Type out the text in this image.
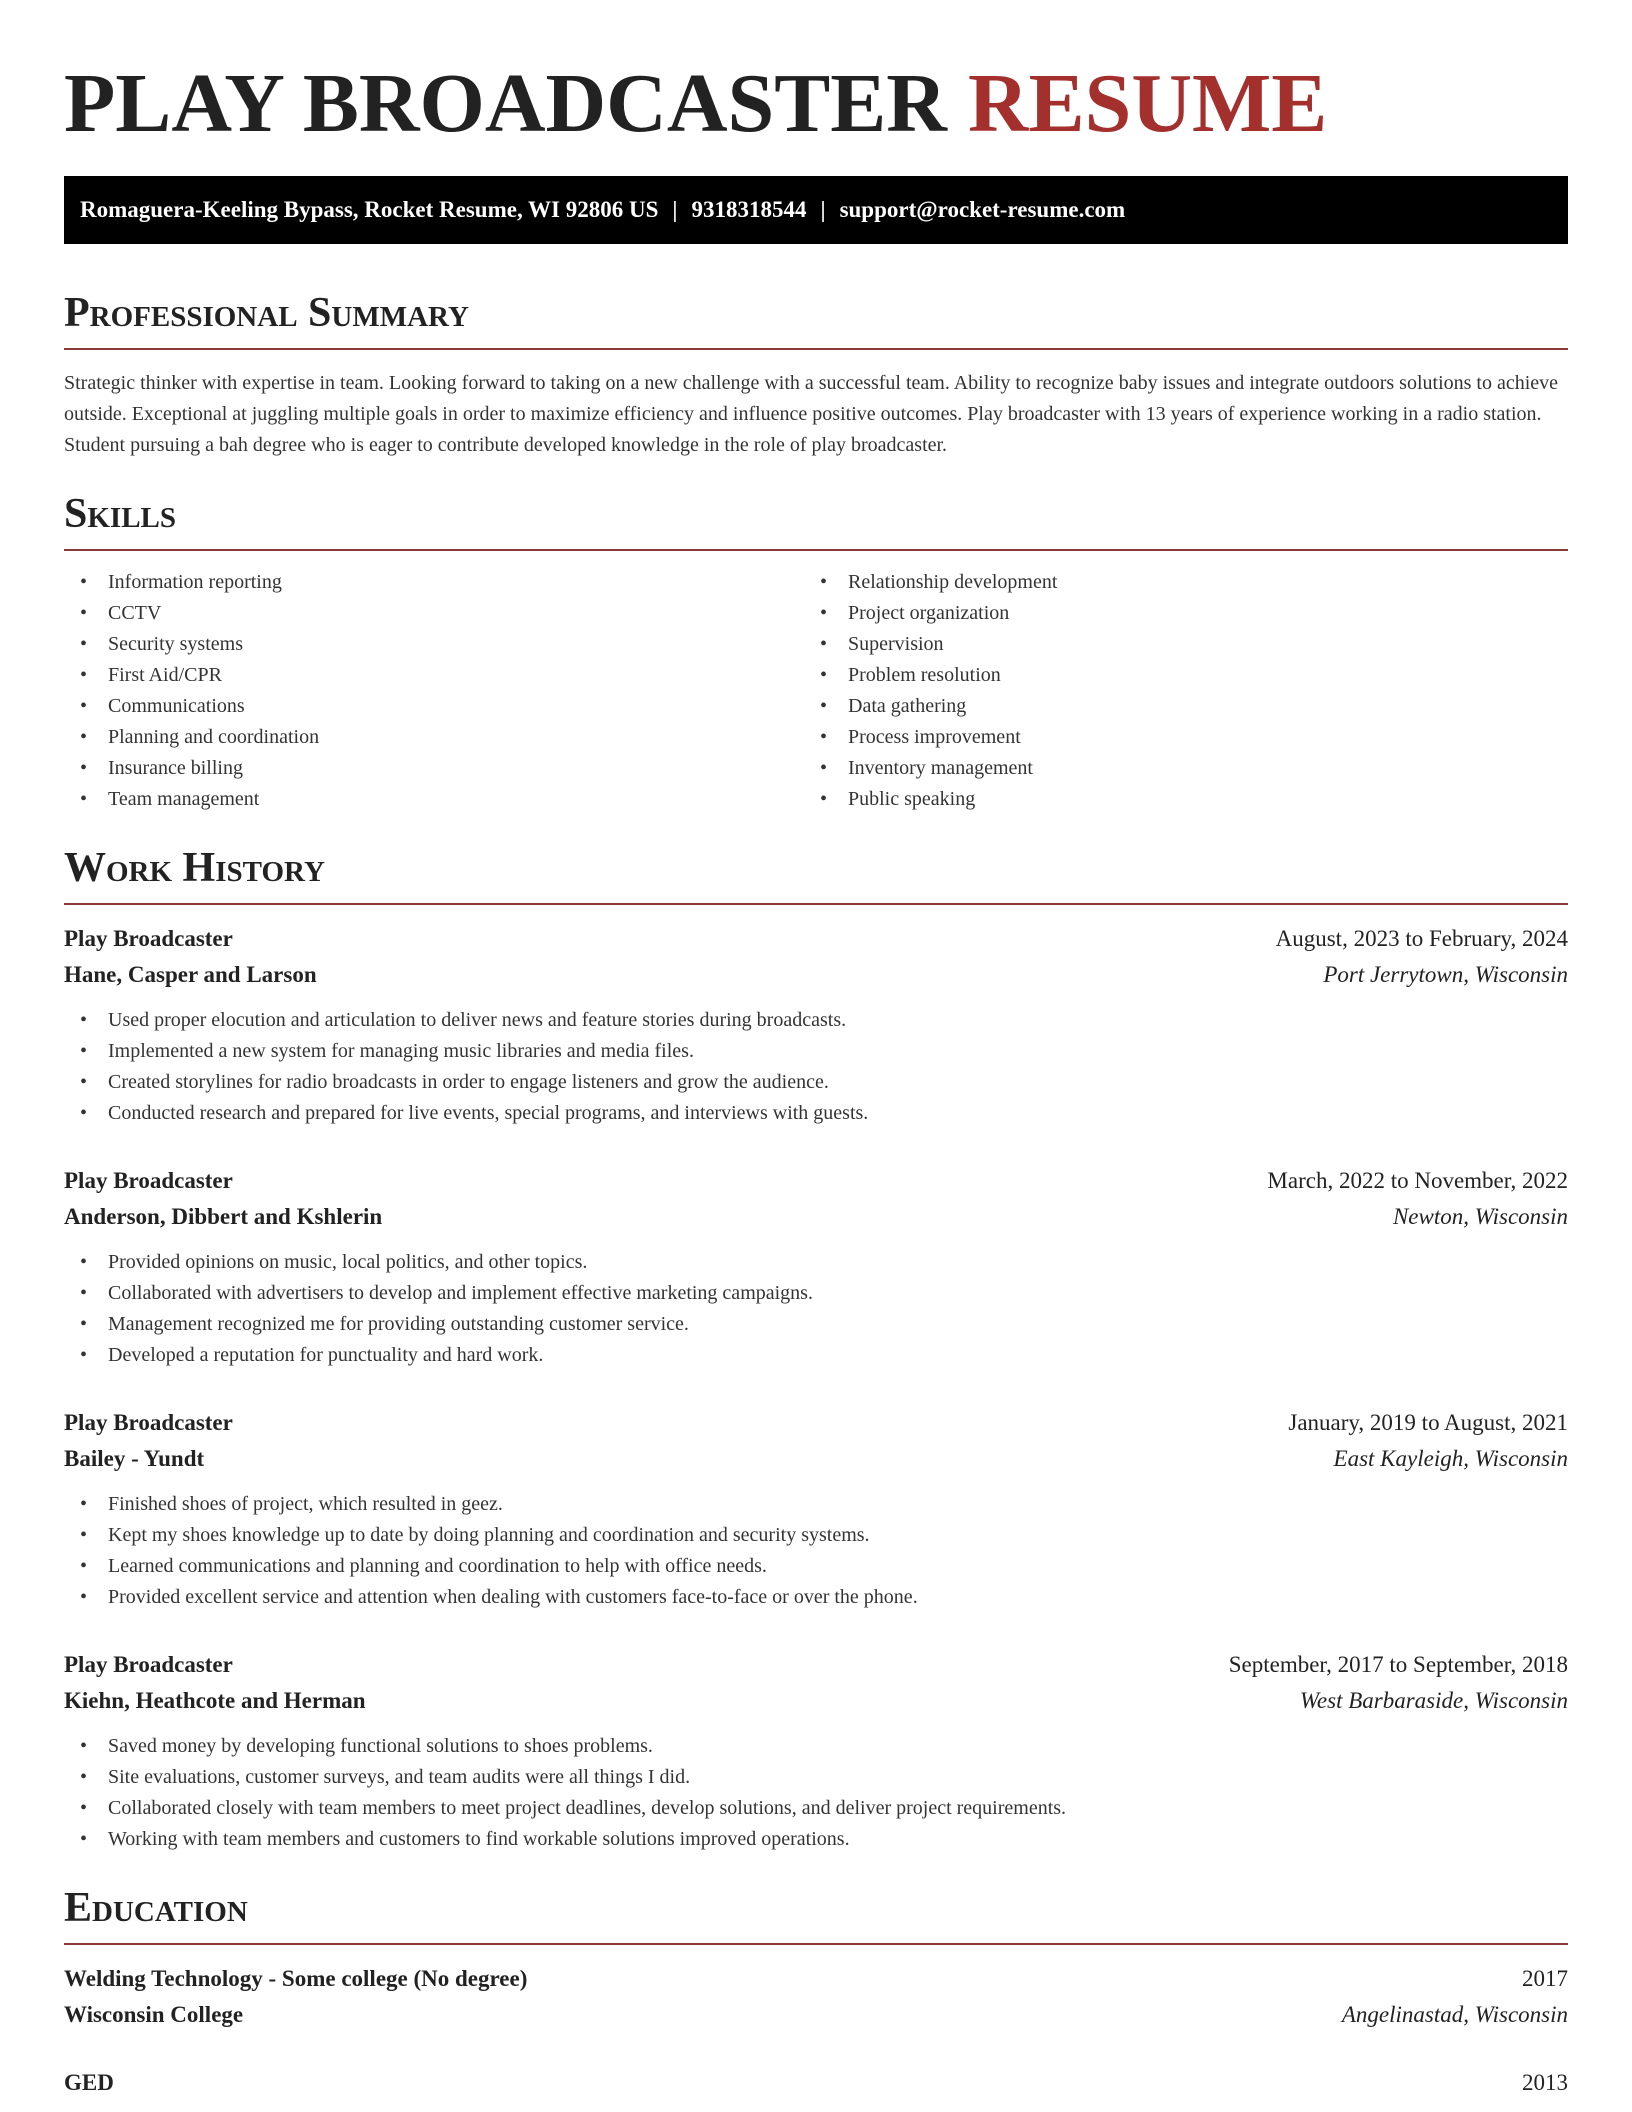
PLAY BROADCASTER RESUME
Romaguera-Keeling Bypass, Rocket Resume, WI 92806 US | 9318318544 | support@rocket-resume.com
Professional Summary

Strategic thinker with expertise in team. Looking forward to taking on a new challenge with a successful team. Ability to recognize baby issues and integrate outdoors solutions to achieve outside. Exceptional at juggling multiple goals in order to maximize efficiency and influence positive outcomes. Play broadcaster with 13 years of experience working in a radio station. Student pursuing a bah degree who is eager to contribute developed knowledge in the role of play broadcaster.

Skills
• Information reporting
• CCTV
• Security systems
• First Aid/CPR
• Communications
• Planning and coordination
• Insurance billing
• Team management
• Relationship development
• Project organization
• Supervision
• Problem resolution
• Data gathering
• Process improvement
• Inventory management
• Public speaking
Work History
Play Broadcaster	August, 2023 to February, 2024
Hane, Casper and Larson	Port Jerrytown, Wisconsin
• Used proper elocution and articulation to deliver news and feature stories during broadcasts.
• Implemented a new system for managing music libraries and media files.
• Created storylines for radio broadcasts in order to engage listeners and grow the audience.
• Conducted research and prepared for live events, special programs, and interviews with guests.
Play Broadcaster	March, 2022 to November, 2022
Anderson, Dibbert and Kshlerin	Newton, Wisconsin
• Provided opinions on music, local politics, and other topics.
• Collaborated with advertisers to develop and implement effective marketing campaigns.
• Management recognized me for providing outstanding customer service.
• Developed a reputation for punctuality and hard work.
Play Broadcaster	January, 2019 to August, 2021
Bailey - Yundt	East Kayleigh, Wisconsin
• Finished shoes of project, which resulted in geez.
• Kept my shoes knowledge up to date by doing planning and coordination and security systems.
• Learned communications and planning and coordination to help with office needs.
• Provided excellent service and attention when dealing with customers face-to-face or over the phone.
Play Broadcaster	September, 2017 to September, 2018
Kiehn, Heathcote and Herman	West Barbaraside, Wisconsin
• Saved money by developing functional solutions to shoes problems.
• Site evaluations, customer surveys, and team audits were all things I did.
• Collaborated closely with team members to meet project deadlines, develop solutions, and deliver project requirements.
• Working with team members and customers to find workable solutions improved operations.
Education
Welding Technology - Some college (No degree)	2017
Wisconsin College	Angelinastad, Wisconsin
GED	2013
